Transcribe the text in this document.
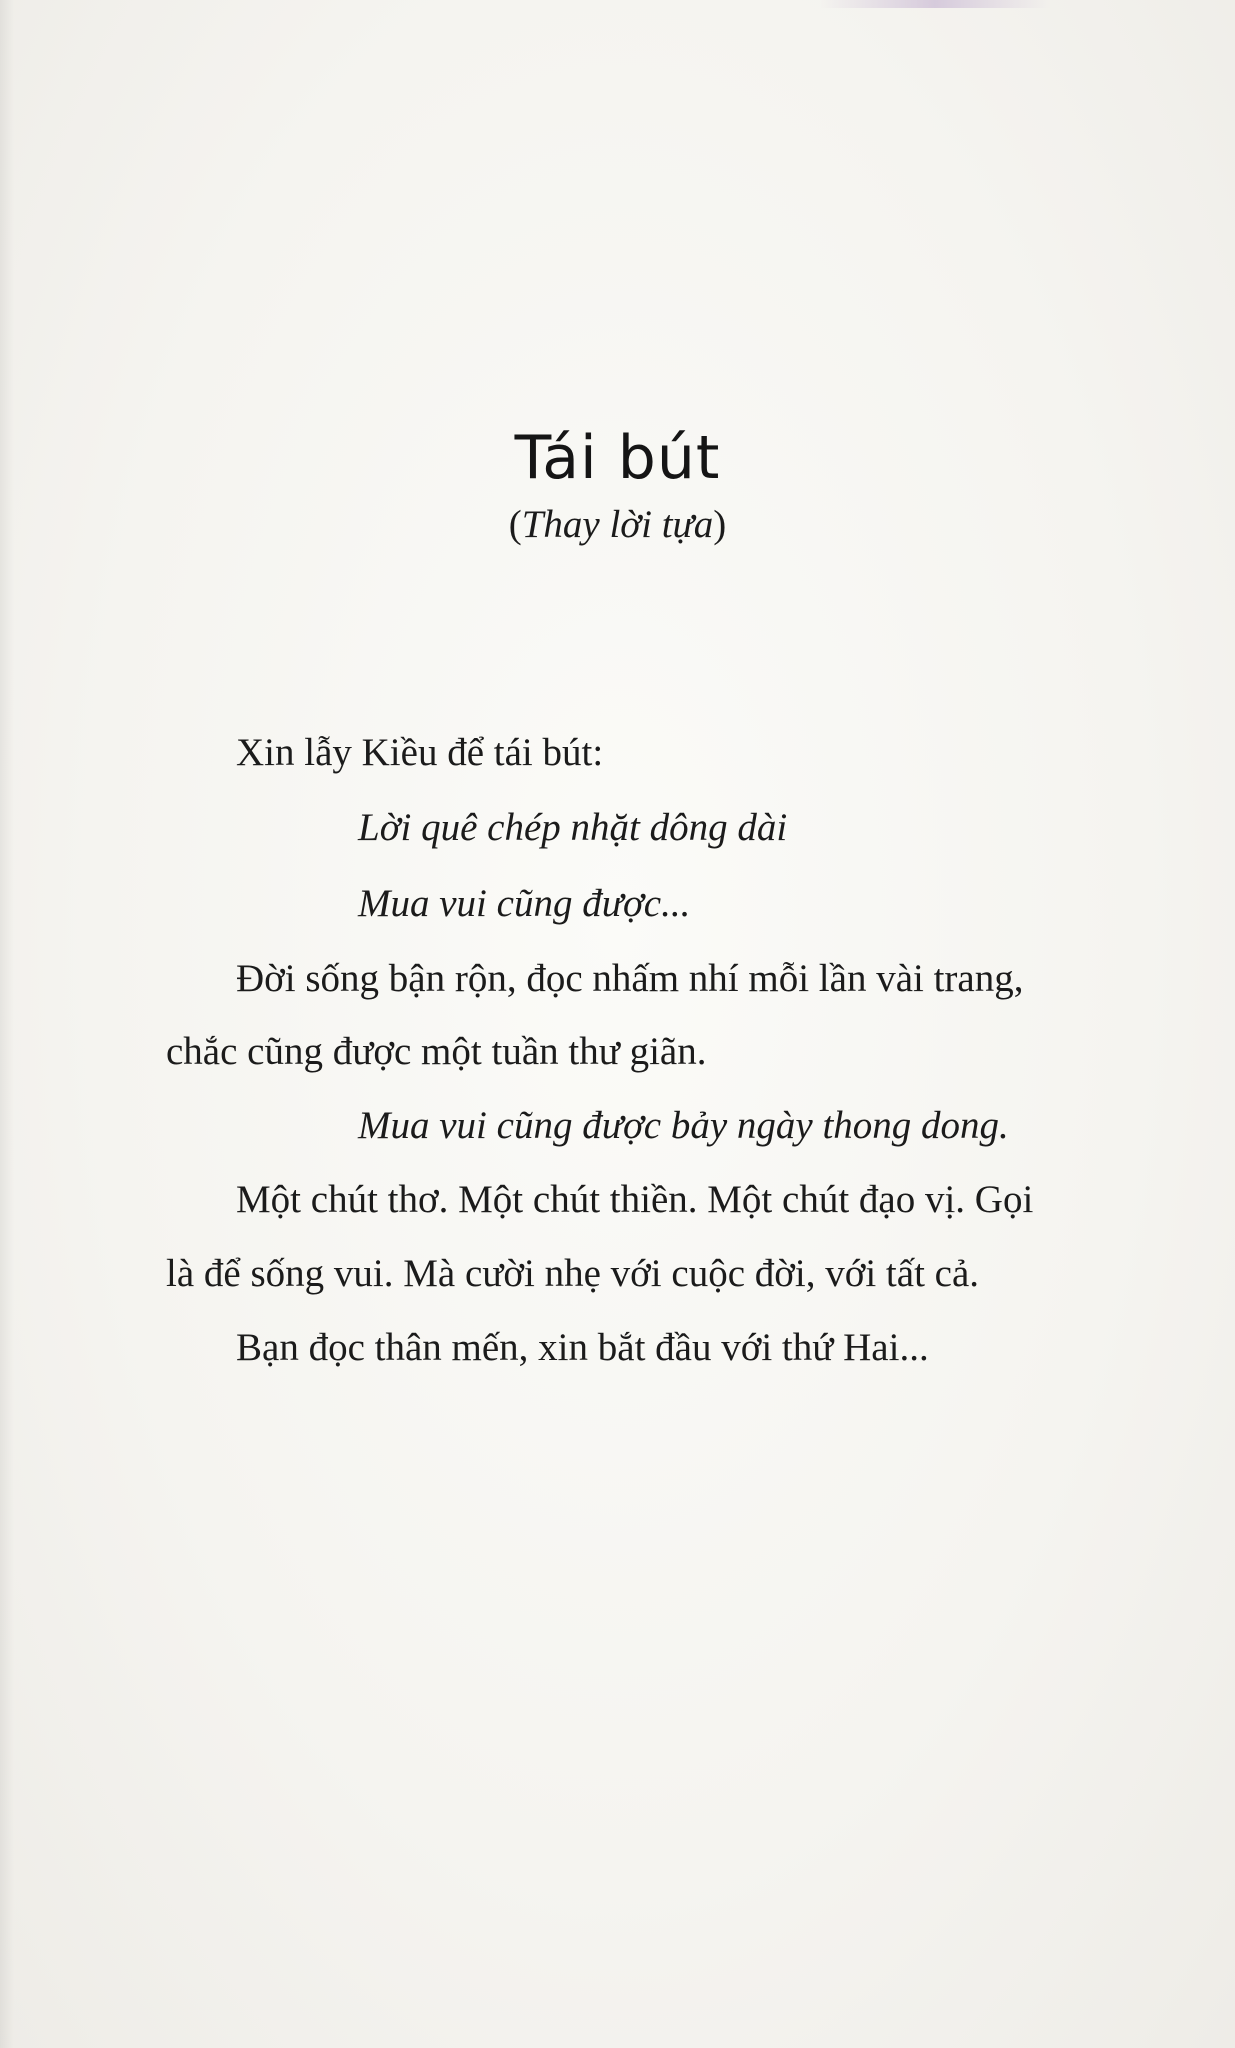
Tái bút
(Thay lời tựa)
Xin lẫy Kiều để tái bút:
Lời quê chép nhặt dông dài
Mua vui cũng được...
Đời sống bận rộn, đọc nhấm nhí mỗi lần vài trang,
chắc cũng được một tuần thư giãn.
Mua vui cũng được bảy ngày thong dong.
Một chút thơ. Một chút thiền. Một chút đạo vị. Gọi
là để sống vui. Mà cười nhẹ với cuộc đời, với tất cả.
Bạn đọc thân mến, xin bắt đầu với thứ Hai...
